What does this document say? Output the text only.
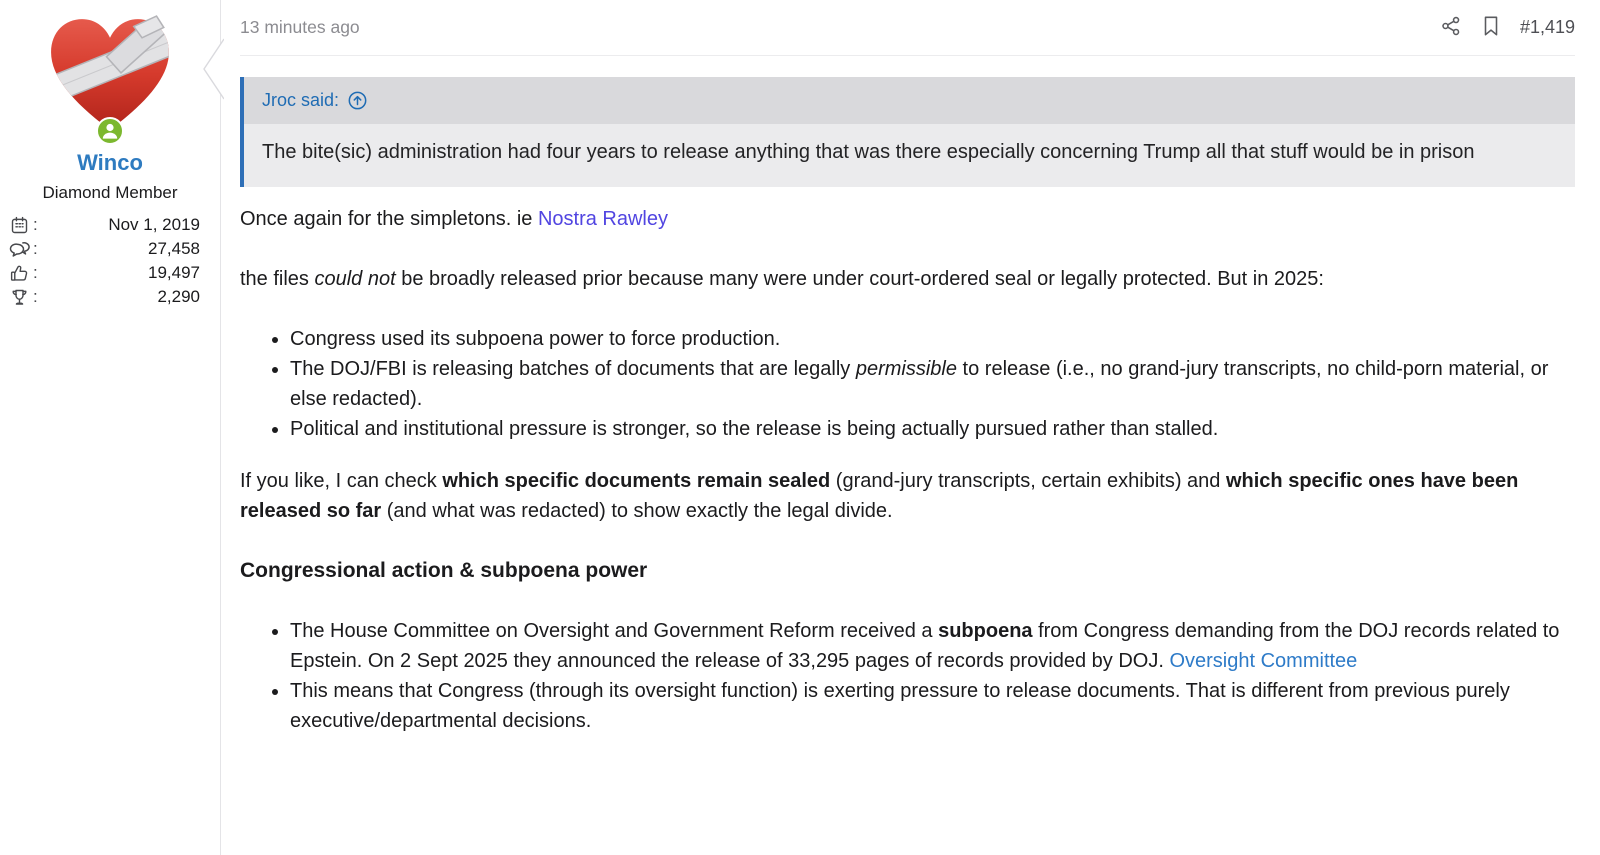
Winco
Diamond Member
:	Nov 1, 2019
:	27,458
:	19,497
:	2,290
13 minutes ago	#1,419
Jroc said:
The bite(sic) administration had four years to release anything that was there especially concerning Trump all that stuff would be in prison

Once again for the simpletons. ie Nostra Rawley

the files could not be broadly released prior because many were under court-ordered seal or legally protected. But in 2025:

• Congress used its subpoena power to force production.
• The DOJ/FBI is releasing batches of documents that are legally permissible to release (i.e., no grand-jury transcripts, no child-porn material, or else redacted).
• Political and institutional pressure is stronger, so the release is being actually pursued rather than stalled.

If you like, I can check which specific documents remain sealed (grand-jury transcripts, certain exhibits) and which specific ones have been released so far (and what was redacted) to show exactly the legal divide.

Congressional action & subpoena power

• The House Committee on Oversight and Government Reform received a subpoena from Congress demanding from the DOJ records related to Epstein. On 2 Sept 2025 they announced the release of 33,295 pages of records provided by DOJ. Oversight Committee
• This means that Congress (through its oversight function) is exerting pressure to release documents. That is different from previous purely executive/departmental decisions.
